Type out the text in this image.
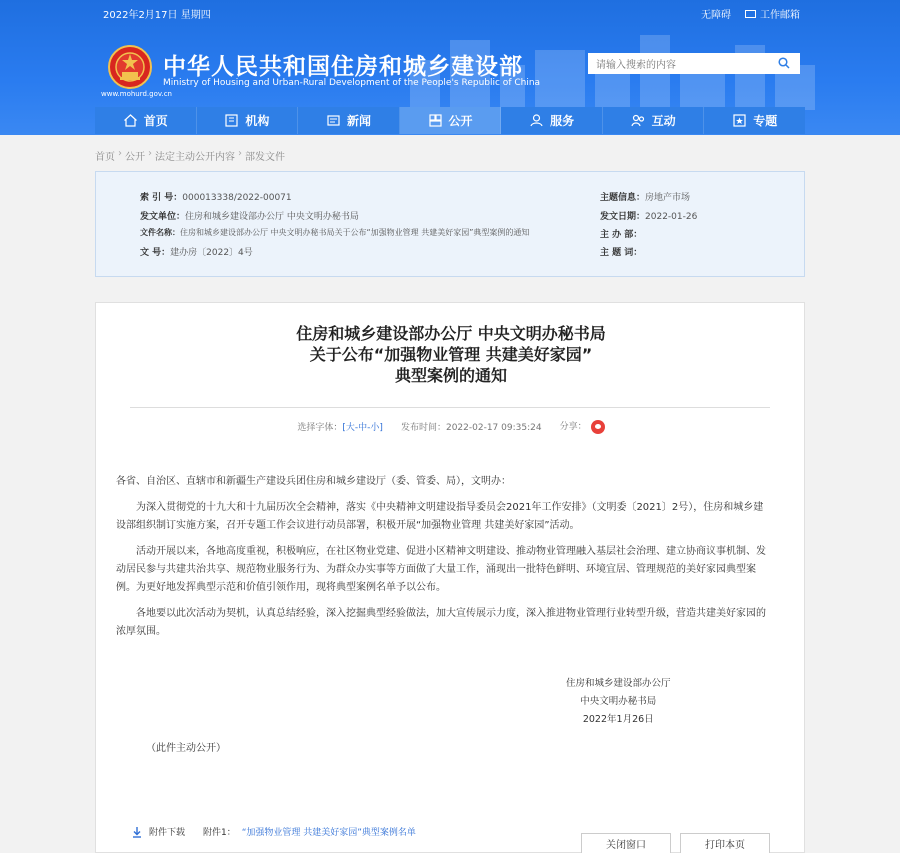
2022年2月17日 星期四	无障碍	工作邮箱
中华人民共和国住房和城乡建设部
Ministry of Housing and Urban-Rural Development of the People's Republic of China
www.mohurd.gov.cn
请输入搜索的内容
首页	机构	新闻	公开	服务	互动	专题
首页 › 公开 › 法定主动公开内容 › 部发文件
索 引 号：000013338/2022-00071
发文单位：住房和城乡建设部办公厅 中央文明办秘书局
文件名称：住房和城乡建设部办公厅 中央文明办秘书局关于公布“加强物业管理 共建美好家园”典型案例的通知
文 号：建办房〔2022〕4号
主题信息：房地产市场
发文日期：2022-01-26
主 办 部：
主 题 词：
住房和城乡建设部办公厅 中央文明办秘书局
关于公布“加强物业管理 共建美好家园”
典型案例的通知
选择字体：[大-中-小] 发布时间：2022-02-17 09:35:24 分享：

各省、自治区、直辖市和新疆生产建设兵团住房和城乡建设厅（委、管委、局），文明办：

为深入贯彻党的十九大和十九届历次全会精神，落实《中央精神文明建设指导委员会2021年工作安排》（文明委〔2021〕2号），住房和城乡建设部组织制订实施方案，召开专题工作会议进行动员部署，积极开展“加强物业管理 共建美好家园”活动。

活动开展以来，各地高度重视，积极响应，在社区物业党建、促进小区精神文明建设、推动物业管理融入基层社会治理、建立协商议事机制、发动居民参与共建共治共享、规范物业服务行为、为群众办实事等方面做了大量工作，涌现出一批特色鲜明、环境宜居、管理规范的美好家园典型案例。为更好地发挥典型示范和价值引领作用，现将典型案例名单予以公布。

各地要以此次活动为契机，认真总结经验，深入挖掘典型经验做法，加大宣传展示力度，深入推进物业管理行业转型升级，营造共建美好家园的浓厚氛围。

住房和城乡建设部办公厅
中央文明办秘书局
2022年1月26日
（此件主动公开）
附件下载 附件1： “加强物业管理 共建美好家园”典型案例名单
关闭窗口	打印本页
